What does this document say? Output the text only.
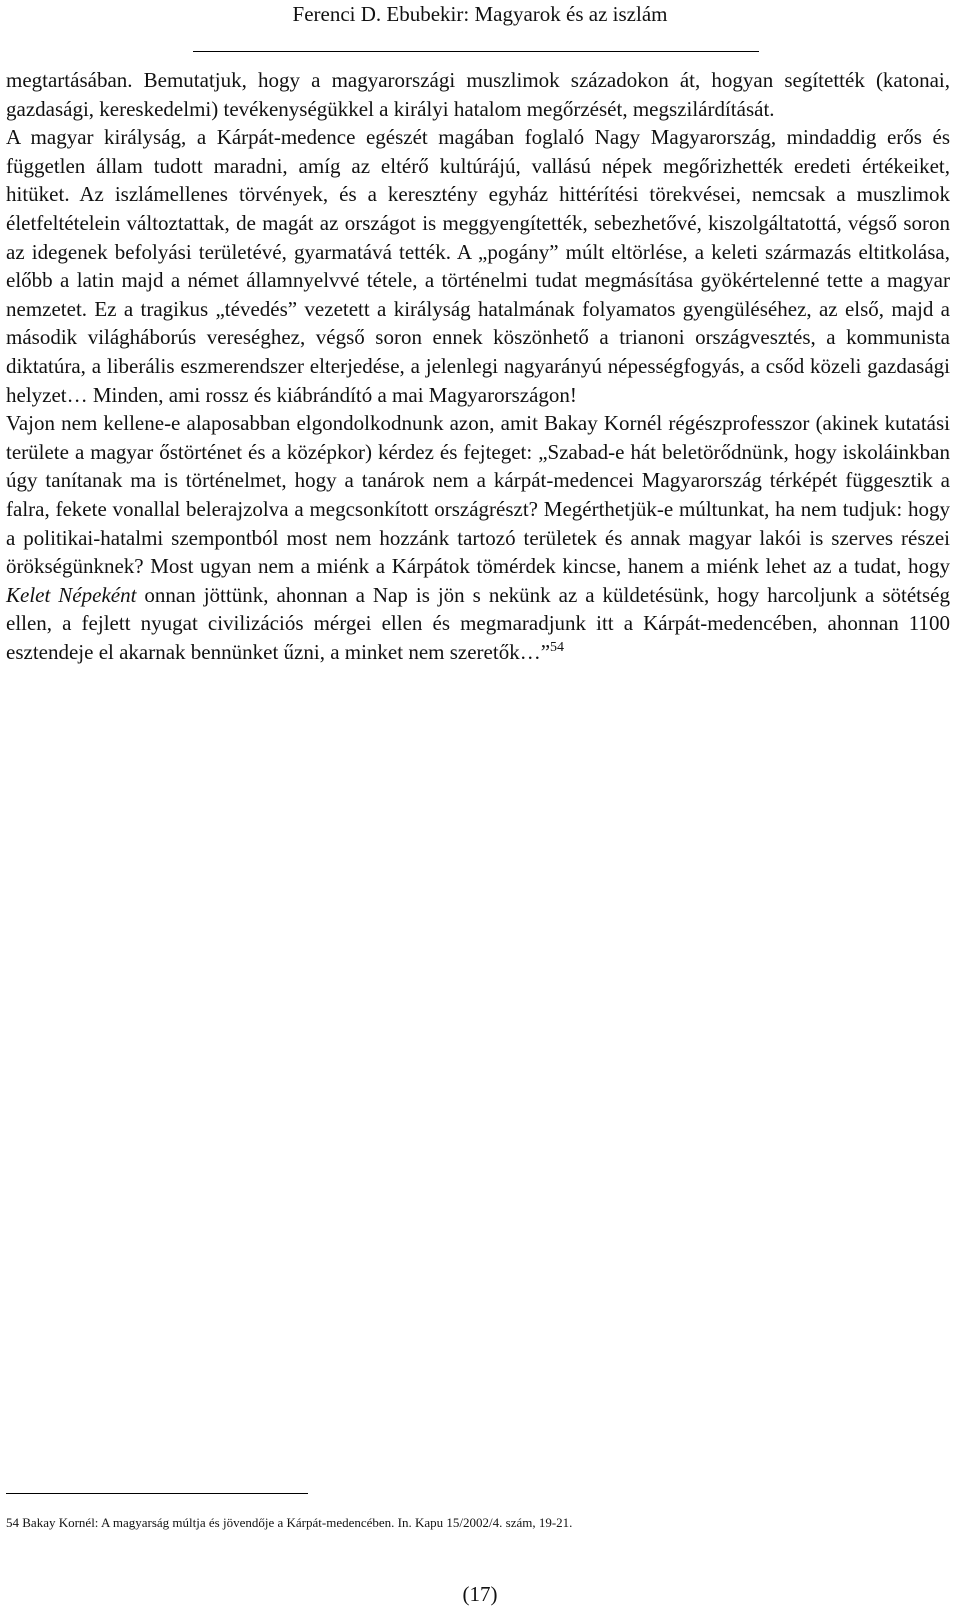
Ferenci D. Ebubekir: Magyarok és az iszlám

megtartásában. Bemutatjuk, hogy a magyarországi muszlimok századokon át, hogyan segítették (katonai, gazdasági, kereskedelmi) tevékenységükkel a királyi hatalom megőrzését, megszilárdítását.

A magyar királyság, a Kárpát-medence egészét magában foglaló Nagy Magyarország, mindaddig erős és független állam tudott maradni, amíg az eltérő kultúrájú, vallású népek megőrizhették eredeti értékeiket, hitüket. Az iszlámellenes törvények, és a keresztény egyház hittérítési törekvései, nemcsak a muszlimok életfeltételein változtattak, de magát az országot is meggyengítették, sebezhetővé, kiszolgáltatottá, végső soron az idegenek befolyási területévé, gyarmatává tették. A „pogány” múlt eltörlése, a keleti származás eltitkolása, előbb a latin majd a német államnyelvvé tétele, a történelmi tudat megmásítása gyökértelenné tette a magyar nemzetet. Ez a tragikus „tévedés” vezetett a királyság hatalmának folyamatos gyengüléséhez, az első, majd a második világháborús vereséghez, végső soron ennek köszönhető a trianoni országvesztés, a kommunista diktatúra, a liberális eszmerendszer elterjedése, a jelenlegi nagyarányú népességfogyás, a csőd közeli gazdasági helyzet… Minden, ami rossz és kiábrándító a mai Magyarországon!

Vajon nem kellene-e alaposabban elgondolkodnunk azon, amit Bakay Kornél régészprofesszor (akinek kutatási területe a magyar őstörténet és a középkor) kérdez és fejteget: „Szabad-e hát beletörődnünk, hogy iskoláinkban úgy tanítanak ma is történelmet, hogy a tanárok nem a kárpát-medencei Magyarország térképét függesztik a falra, fekete vonallal belerajzolva a megcsonkított országrészt? Megérthetjük-e múltunkat, ha nem tudjuk: hogy a politikai-hatalmi szempontból most nem hozzánk tartozó területek és annak magyar lakói is szerves részei örökségünknek? Most ugyan nem a miénk a Kárpátok tömérdek kincse, hanem a miénk lehet az a tudat, hogy Kelet Népeként onnan jöttünk, ahonnan a Nap is jön s nekünk az a küldetésünk, hogy harcoljunk a sötétség ellen, a fejlett nyugat civilizációs mérgei ellen és megmaradjunk itt a Kárpát-medencében, ahonnan 1100 esztendeje el akarnak bennünket űzni, a minket nem szeretők…”$^{54}$

54 Bakay Kornél: A magyarság múltja és jövendője a Kárpát-medencében. In. Kapu 15/2002/4. szám, 19-21.
(17)
